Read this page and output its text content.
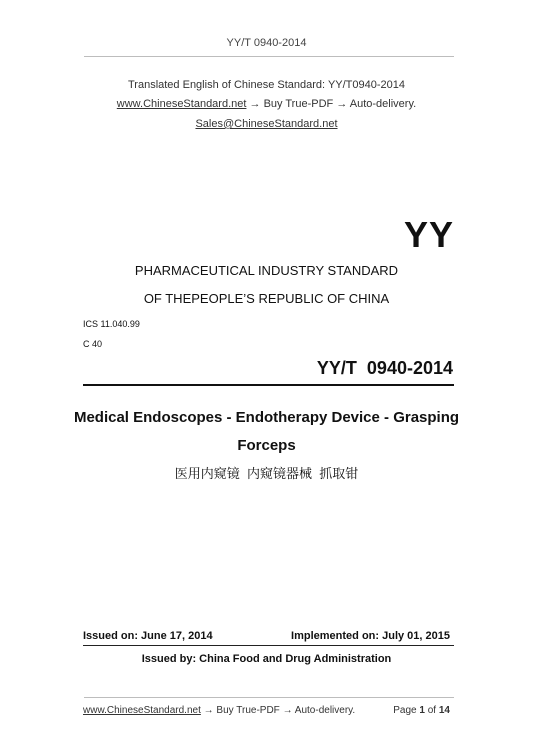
YY/T 0940-2014
Translated English of Chinese Standard: YY/T0940-2014
www.ChineseStandard.net → Buy True-PDF → Auto-delivery.
Sales@ChineseStandard.net
YY
PHARMACEUTICAL INDUSTRY STANDARD
OF THEPEOPLE’S REPUBLIC OF CHINA
ICS 11.040.99
C 40
YY/T  0940-2014
Medical Endoscopes - Endotherapy Device - Grasping
Forceps
医用内窥镜  内窥镜器械  抓取钳
Issued on: June 17, 2014	Implemented on: July 01, 2015
Issued by: China Food and Drug Administration
www.ChineseStandard.net → Buy True-PDF → Auto-delivery.	Page 1 of 14
